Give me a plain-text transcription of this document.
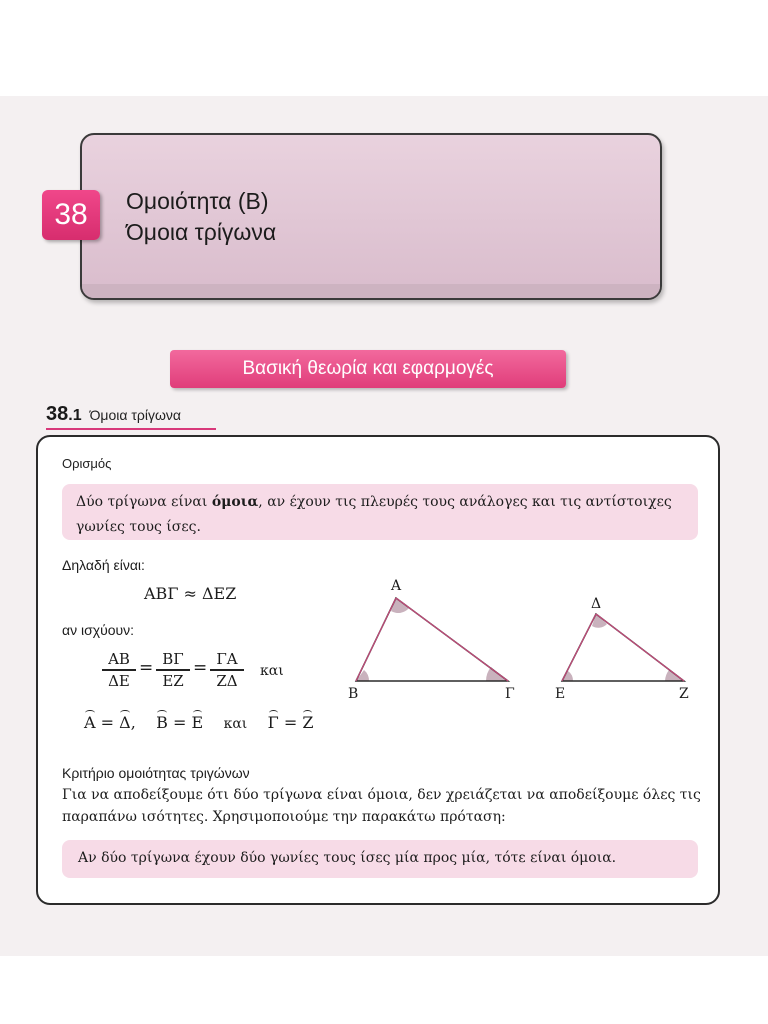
38	Ομοιότητα (Β)
Όμοια τρίγωνα
Βασική θεωρία και εφαρμογές
38.1 Όμοια τρίγωνα
Ορισμός
Δύο τρίγωνα είναι όμοια, αν έχουν τις πλευρές τους ανάλογες και τις αντίστοιχες γωνίες τους ίσες.
Δηλαδή είναι:
ΑΒΓ ≈ ΔΕΖ
αν ισχύουν:
ΑΒ
ΔΕ
= ΒΓ
ΕΖ
= ΓΑ
ΖΔ
και
Α = Δ,    Β = Ε και Γ = Ζ
Α
Β	Γ
Δ
Ε	Ζ
Κριτήριο ομοιότητας τριγώνων
Για να αποδείξουμε ότι δύο τρίγωνα είναι όμοια, δεν χρειάζεται να αποδείξουμε όλες τις παραπάνω ισότητες. Χρησιμοποιούμε την παρακάτω πρόταση:
Αν δύο τρίγωνα έχουν δύο γωνίες τους ίσες μία προς μία, τότε είναι όμοια.
